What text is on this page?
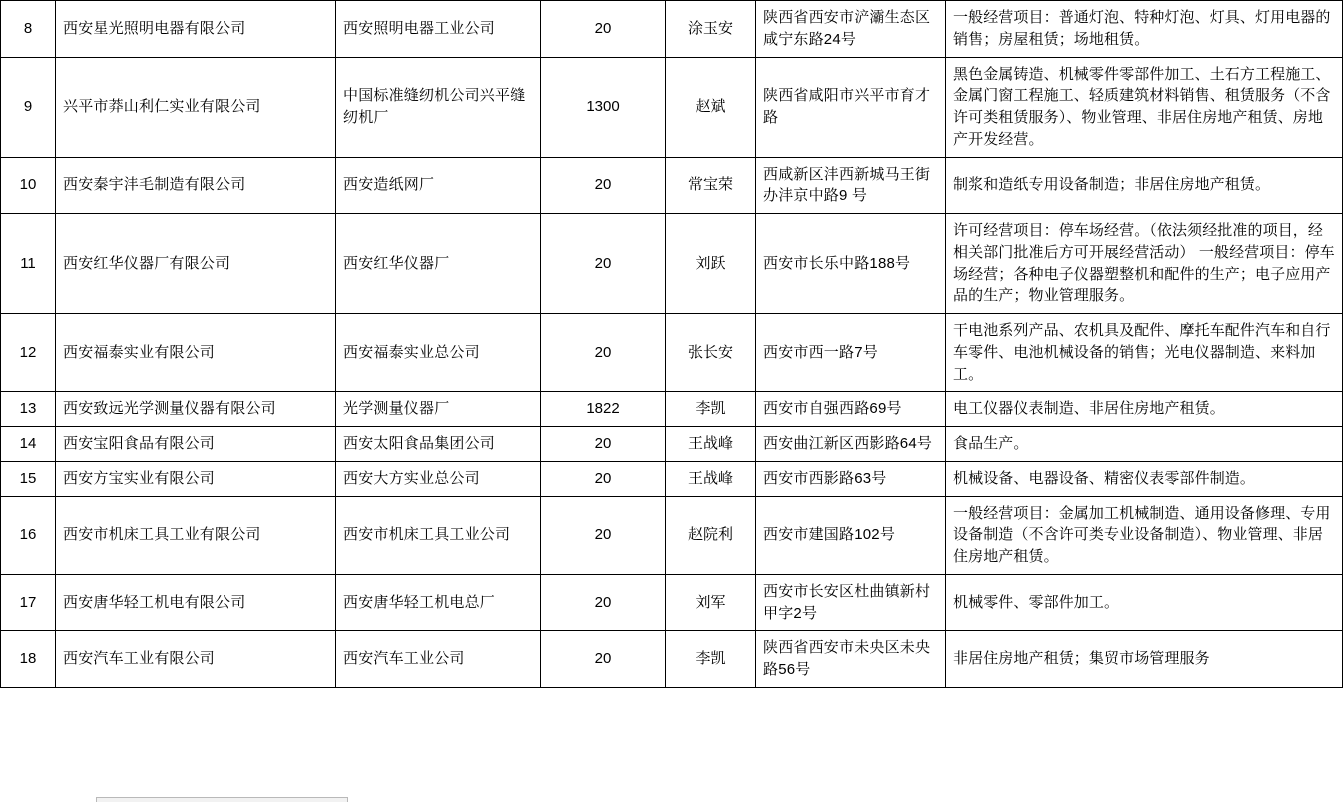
8	西安星光照明电器有限公司	西安照明电器工业公司	20	涂玉安	陕西省西安市浐灞生态区咸宁东路24号	一般经营项目：普通灯泡、特种灯泡、灯具、灯用电器的销售；房屋租赁；场地租赁。
9	兴平市莽山利仁实业有限公司	中国标准缝纫机公司兴平缝纫机厂	1300	赵斌	陕西省咸阳市兴平市育才路	黑色金属铸造、机械零件零部件加工、土石方工程施工、金属门窗工程施工、轻质建筑材料销售、租赁服务（不含许可类租赁服务）、物业管理、非居住房地产租赁、房地产开发经营。
10	西安秦宇沣毛制造有限公司	西安造纸网厂	20	常宝荣	西咸新区沣西新城马王街办沣京中路9 号	制浆和造纸专用设备制造；非居住房地产租赁。
11	西安红华仪器厂有限公司	西安红华仪器厂	20	刘跃	西安市长乐中路188号	许可经营项目：停车场经营。（依法须经批准的项目，经相关部门批准后方可开展经营活动） 一般经营项目：停车场经营；各种电子仪器塑整机和配件的生产；电子应用产品的生产；物业管理服务。
12	西安福泰实业有限公司	西安福泰实业总公司	20	张长安	西安市西一路7号	干电池系列产品、农机具及配件、摩托车配件汽车和自行车零件、电池机械设备的销售；光电仪器制造、来料加工。
13	西安致远光学测量仪器有限公司	光学测量仪器厂	1822	李凯	西安市自强西路69号	电工仪器仪表制造、非居住房地产租赁。
14	西安宝阳食品有限公司	西安太阳食品集团公司	20	王战峰	西安曲江新区西影路64号	食品生产。
15	西安方宝实业有限公司	西安大方实业总公司	20	王战峰	西安市西影路63号	机械设备、电器设备、精密仪表零部件制造。
16	西安市机床工具工业有限公司	西安市机床工具工业公司	20	赵院利	西安市建国路102号	一般经营项目：金属加工机械制造、通用设备修理、专用设备制造（不含许可类专业设备制造）、物业管理、非居住房地产租赁。
17	西安唐华轻工机电有限公司	西安唐华轻工机电总厂	20	刘军	西安市长安区杜曲镇新村甲字2号	机械零件、零部件加工。
18	西安汽车工业有限公司	西安汽车工业公司	20	李凯	陕西省西安市未央区未央路56号	非居住房地产租赁；集贸市场管理服务
